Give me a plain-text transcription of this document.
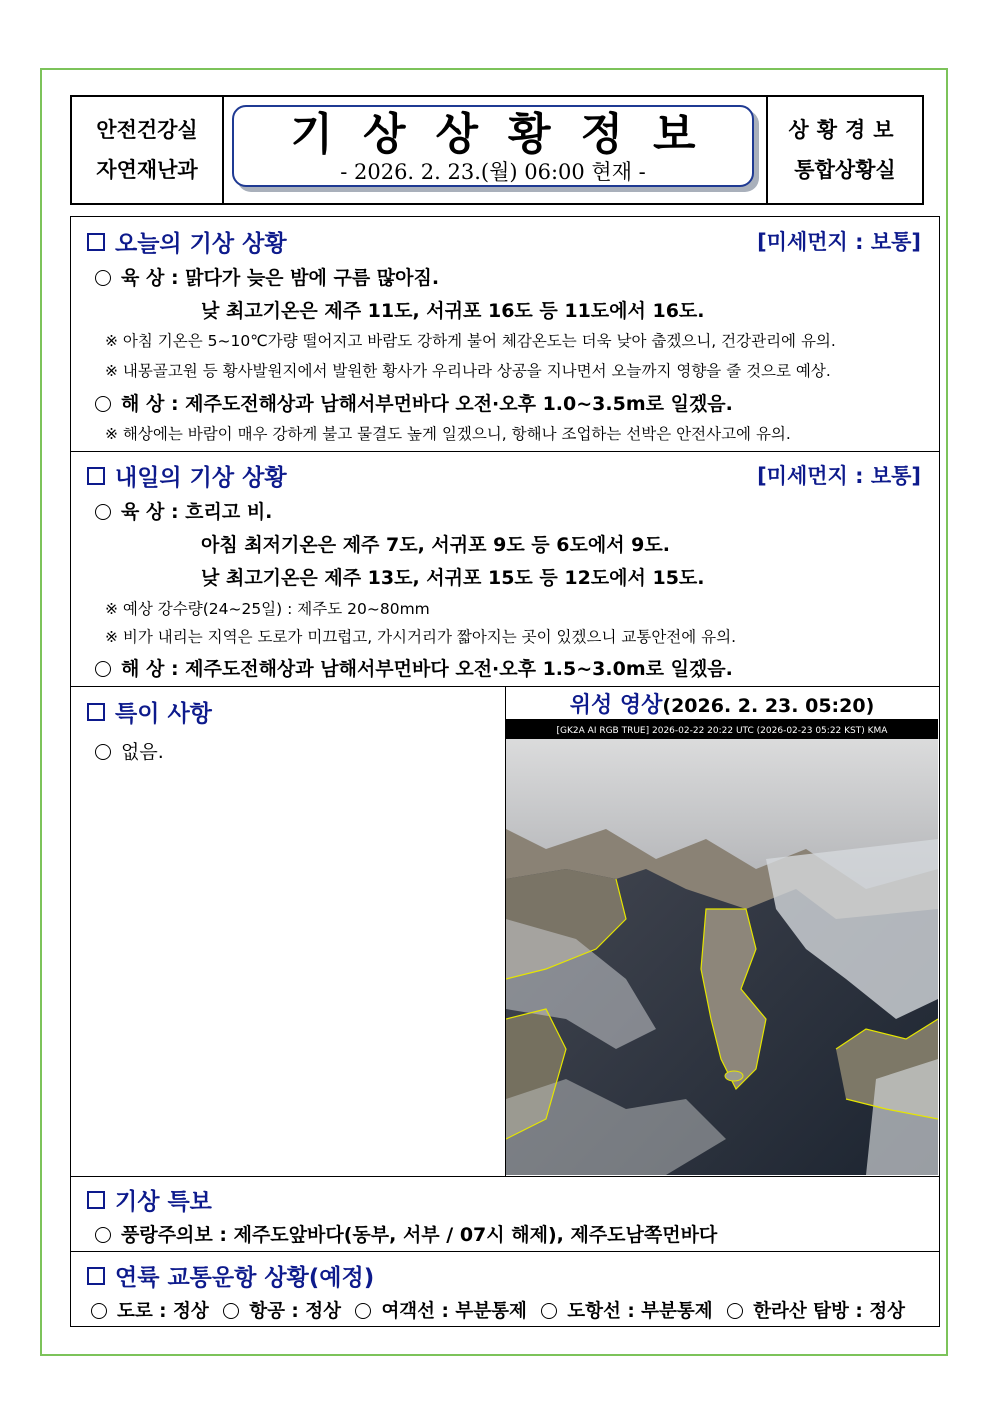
안전건강실
자연재난과
기상상황정보
- 2026. 2. 23.(월) 06:00 현재 -
상황경보
통합상황실
오늘의 기상 상황	[미세먼지 : 보통]
육 상 : 맑다가 늦은 밤에 구름 많아짐.
낮 최고기온은 제주 11도, 서귀포 16도 등 11도에서 16도.
※ 아침 기온은 5~10℃가량 떨어지고 바람도 강하게 불어 체감온도는 더욱 낮아 춥겠으니, 건강관리에 유의.
※ 내몽골고원 등 황사발원지에서 발원한 황사가 우리나라 상공을 지나면서 오늘까지 영향을 줄 것으로 예상.
해 상 : 제주도전해상과 남해서부먼바다 오전·오후 1.0~3.5m로 일겠음.
※ 해상에는 바람이 매우 강하게 불고 물결도 높게 일겠으니, 항해나 조업하는 선박은 안전사고에 유의.
내일의 기상 상황	[미세먼지 : 보통]
육 상 : 흐리고 비.
아침 최저기온은 제주 7도, 서귀포 9도 등 6도에서 9도.
낮 최고기온은 제주 13도, 서귀포 15도 등 12도에서 15도.
※ 예상 강수량(24~25일) : 제주도 20~80mm
※ 비가 내리는 지역은 도로가 미끄럽고, 가시거리가 짧아지는 곳이 있겠으니 교통안전에 유의.
해 상 : 제주도전해상과 남해서부먼바다 오전·오후 1.5~3.0m로 일겠음.
특이 사항
없음.
위성 영상(2026. 2. 23. 05:20)
[GK2A AI RGB TRUE] 2026-02-22 20:22 UTC (2026-02-23 05:22 KST) KMA
기상 특보
풍랑주의보 : 제주도앞바다(동부, 서부 / 07시 해제), 제주도남쪽먼바다
연륙 교통운항 상황(예정)
도로 : 정상 항공 : 정상 여객선 : 부분통제 도항선 : 부분통제 한라산 탐방 : 정상
